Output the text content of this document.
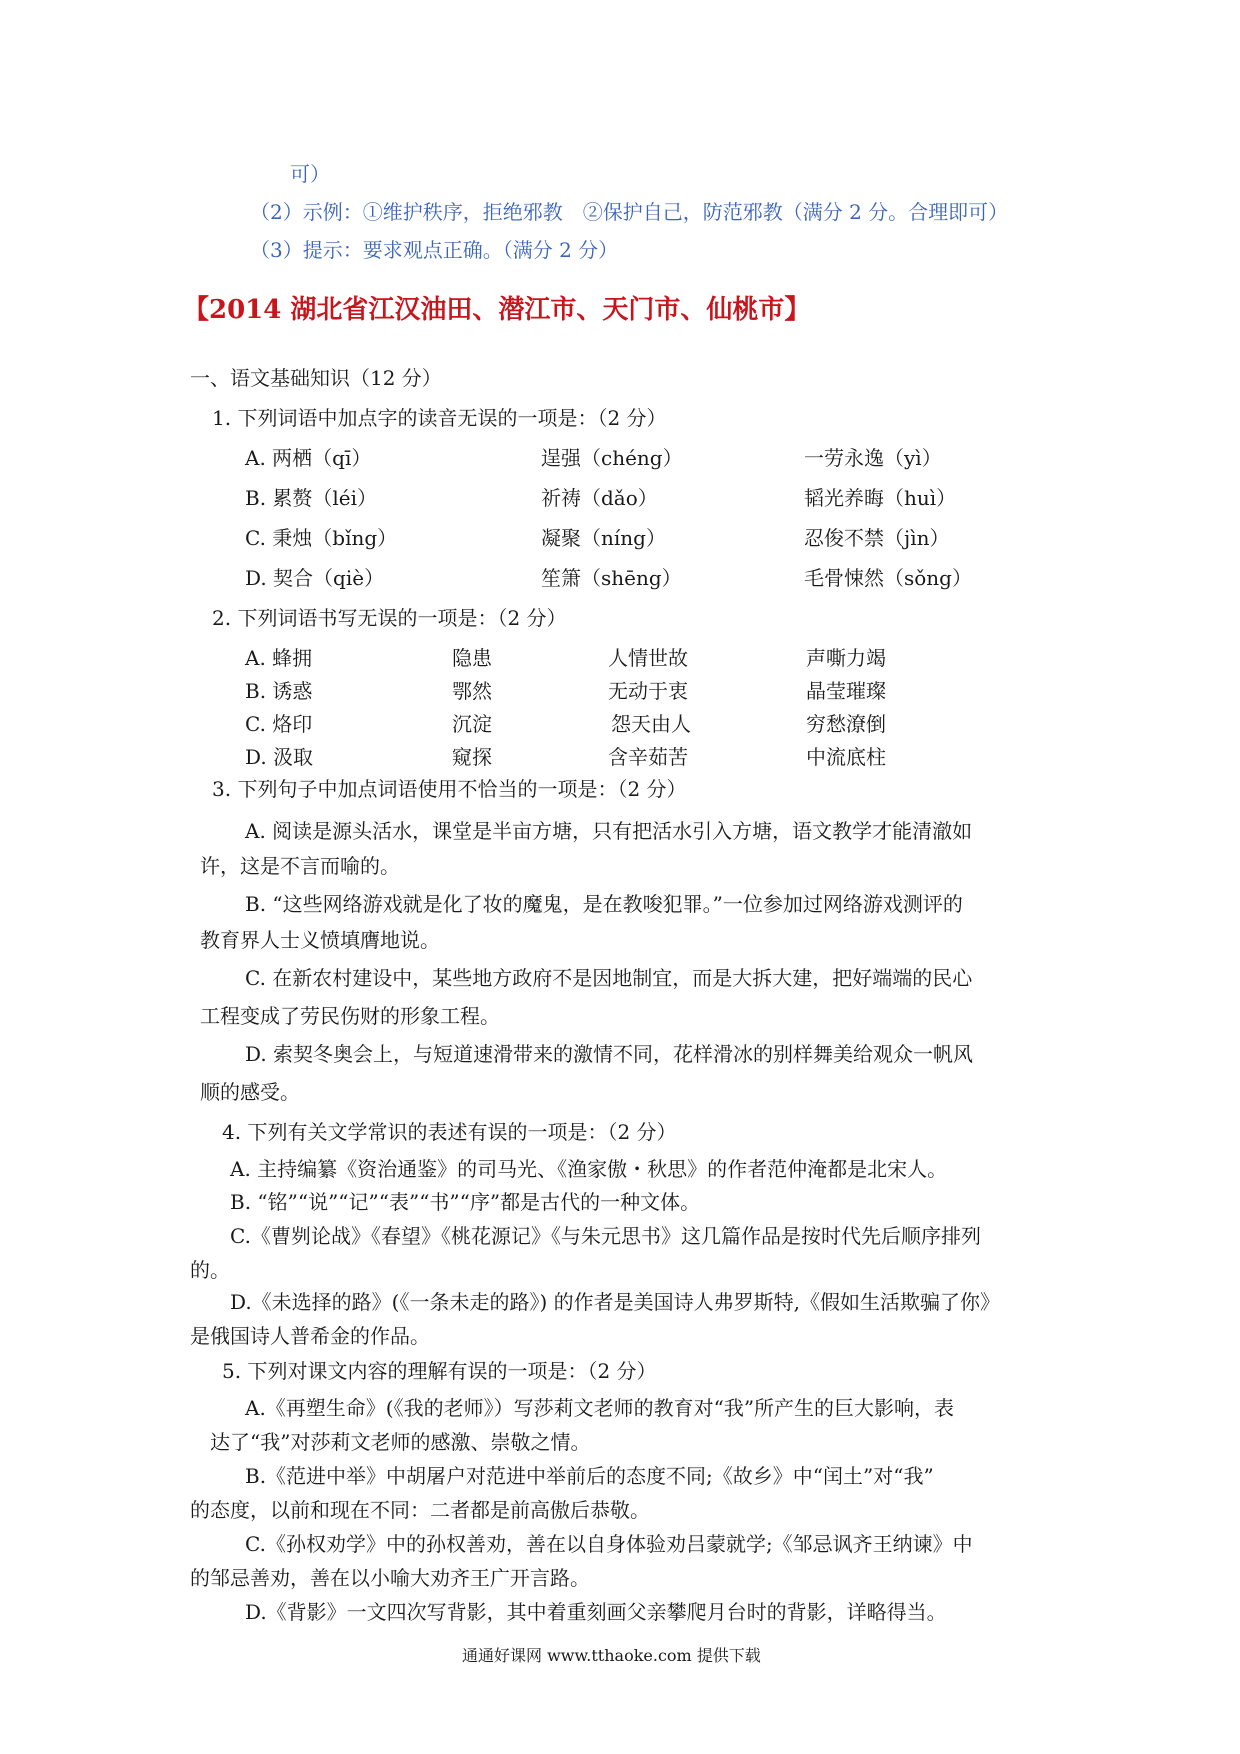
可）
（2）示例：①维护秩序，拒绝邪教　②保护自己，防范邪教（满分 2 分。合理即可）
（3）提示：要求观点正确。（满分 2 分）
【2014 湖北省江汉油田、潜江市、天门市、仙桃市】
一、语文基础知识（12 分）
1. 下列词语中加点字的读音无误的一项是：（2 分）
A. 两栖（qī）	逞强（chéng）	一劳永逸（yì）
B. 累赘（léi）	祈祷（dǎo）	韬光养晦（huì）
C. 秉烛（bǐng）	凝聚（níng）	忍俊不禁（jìn）
D. 契合（qiè）	笙箫（shēng）	毛骨悚然（sǒng）
2. 下列词语书写无误的一项是：（2 分）
A. 蜂拥	隐患	人情世故	声嘶力竭
B. 诱惑	鄂然	无动于衷	晶莹璀璨
C. 烙印	沉淀	怨天由人	穷愁潦倒
D. 汲取	窥探	含辛茹苦	中流底柱
3. 下列句子中加点词语使用不恰当的一项是：（2 分）
A. 阅读是源头活水，课堂是半亩方塘，只有把活水引入方塘，语文教学才能清澈如
许，这是不言而喻的。
B. “这些网络游戏就是化了妆的魔鬼，是在教唆犯罪。”一位参加过网络游戏测评的
教育界人士义愤填膺地说。
C. 在新农村建设中，某些地方政府不是因地制宜，而是大拆大建，把好端端的民心
工程变成了劳民伤财的形象工程。
D. 索契冬奥会上，与短道速滑带来的激情不同，花样滑冰的别样舞美给观众一帆风
顺的感受。
4. 下列有关文学常识的表述有误的一项是：（2 分）
A. 主持编纂《资治通鉴》的司马光、《渔家傲・秋思》的作者范仲淹都是北宋人。
B. “铭”“说”“记”“表”“书”“序”都是古代的一种文体。
C.《曹刿论战》《春望》《桃花源记》《与朱元思书》这几篇作品是按时代先后顺序排列
的。
D.《未选择的路》(《一条未走的路》) 的作者是美国诗人弗罗斯特,《假如生活欺骗了你》
是俄国诗人普希金的作品。
5. 下列对课文内容的理解有误的一项是：（2 分）
A.《再塑生命》(《我的老师》）写莎莉文老师的教育对“我”所产生的巨大影响，表
达了“我”对莎莉文老师的感激、崇敬之情。
B.《范进中举》中胡屠户对范进中举前后的态度不同;《故乡》中“闰土”对“我”
的态度，以前和现在不同：二者都是前高傲后恭敬。
C.《孙权劝学》中的孙权善劝，善在以自身体验劝吕蒙就学;《邹忌讽齐王纳谏》中
的邹忌善劝，善在以小喻大劝齐王广开言路。
D.《背影》一文四次写背影，其中着重刻画父亲攀爬月台时的背影，详略得当。
通通好课网 www.tthaoke.com 提供下载
